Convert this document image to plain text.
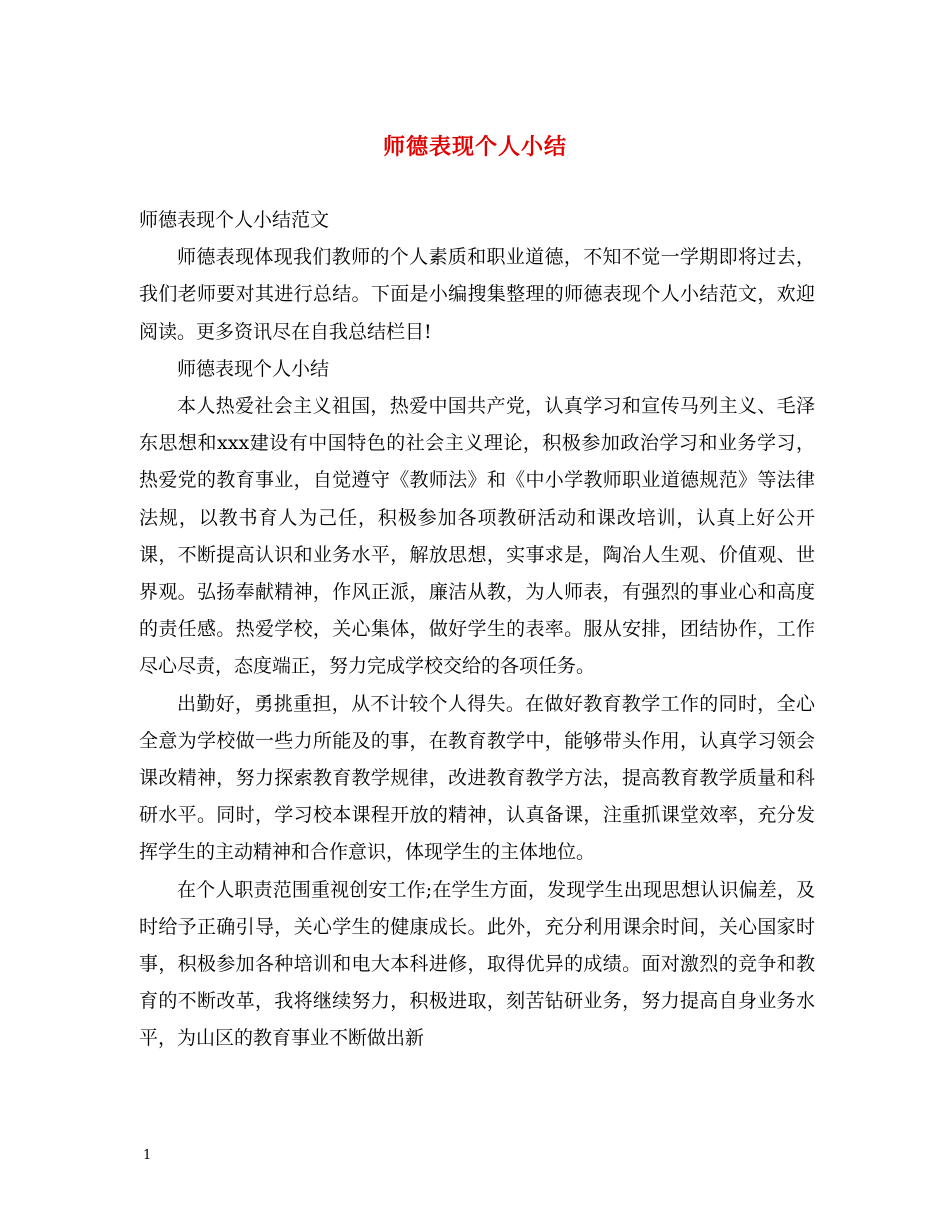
师德表现个人小结

师德表现个人小结范文

师德表现体现我们教师的个人素质和职业道德，不知不觉一学期即将过去，我们老师要对其进行总结。下面是小编搜集整理的师德表现个人小结范文，欢迎阅读。更多资讯尽在自我总结栏目!

师德表现个人小结

本人热爱社会主义祖国，热爱中国共产党，认真学习和宣传马列主义、毛泽东思想和xxx建设有中国特色的社会主义理论，积极参加政治学习和业务学习，热爱党的教育事业，自觉遵守《教师法》和《中小学教师职业道德规范》等法律法规，以教书育人为己任，积极参加各项教研活动和课改培训，认真上好公开课，不断提高认识和业务水平，解放思想，实事求是，陶冶人生观、价值观、世界观。弘扬奉献精神，作风正派，廉洁从教，为人师表，有强烈的事业心和高度的责任感。热爱学校，关心集体，做好学生的表率。服从安排，团结协作，工作尽心尽责，态度端正，努力完成学校交给的各项任务。

出勤好，勇挑重担，从不计较个人得失。在做好教育教学工作的同时，全心全意为学校做一些力所能及的事，在教育教学中，能够带头作用，认真学习领会课改精神，努力探索教育教学规律，改进教育教学方法，提高教育教学质量和科研水平。同时，学习校本课程开放的精神，认真备课，注重抓课堂效率，充分发挥学生的主动精神和合作意识，体现学生的主体地位。

在个人职责范围重视创安工作;在学生方面，发现学生出现思想认识偏差，及时给予正确引导，关心学生的健康成长。此外，充分利用课余时间，关心国家时事，积极参加各种培训和电大本科进修，取得优异的成绩。面对激烈的竞争和教育的不断改革，我将继续努力，积极进取，刻苦钻研业务，努力提高自身业务水平，为山区的教育事业不断做出新

1
